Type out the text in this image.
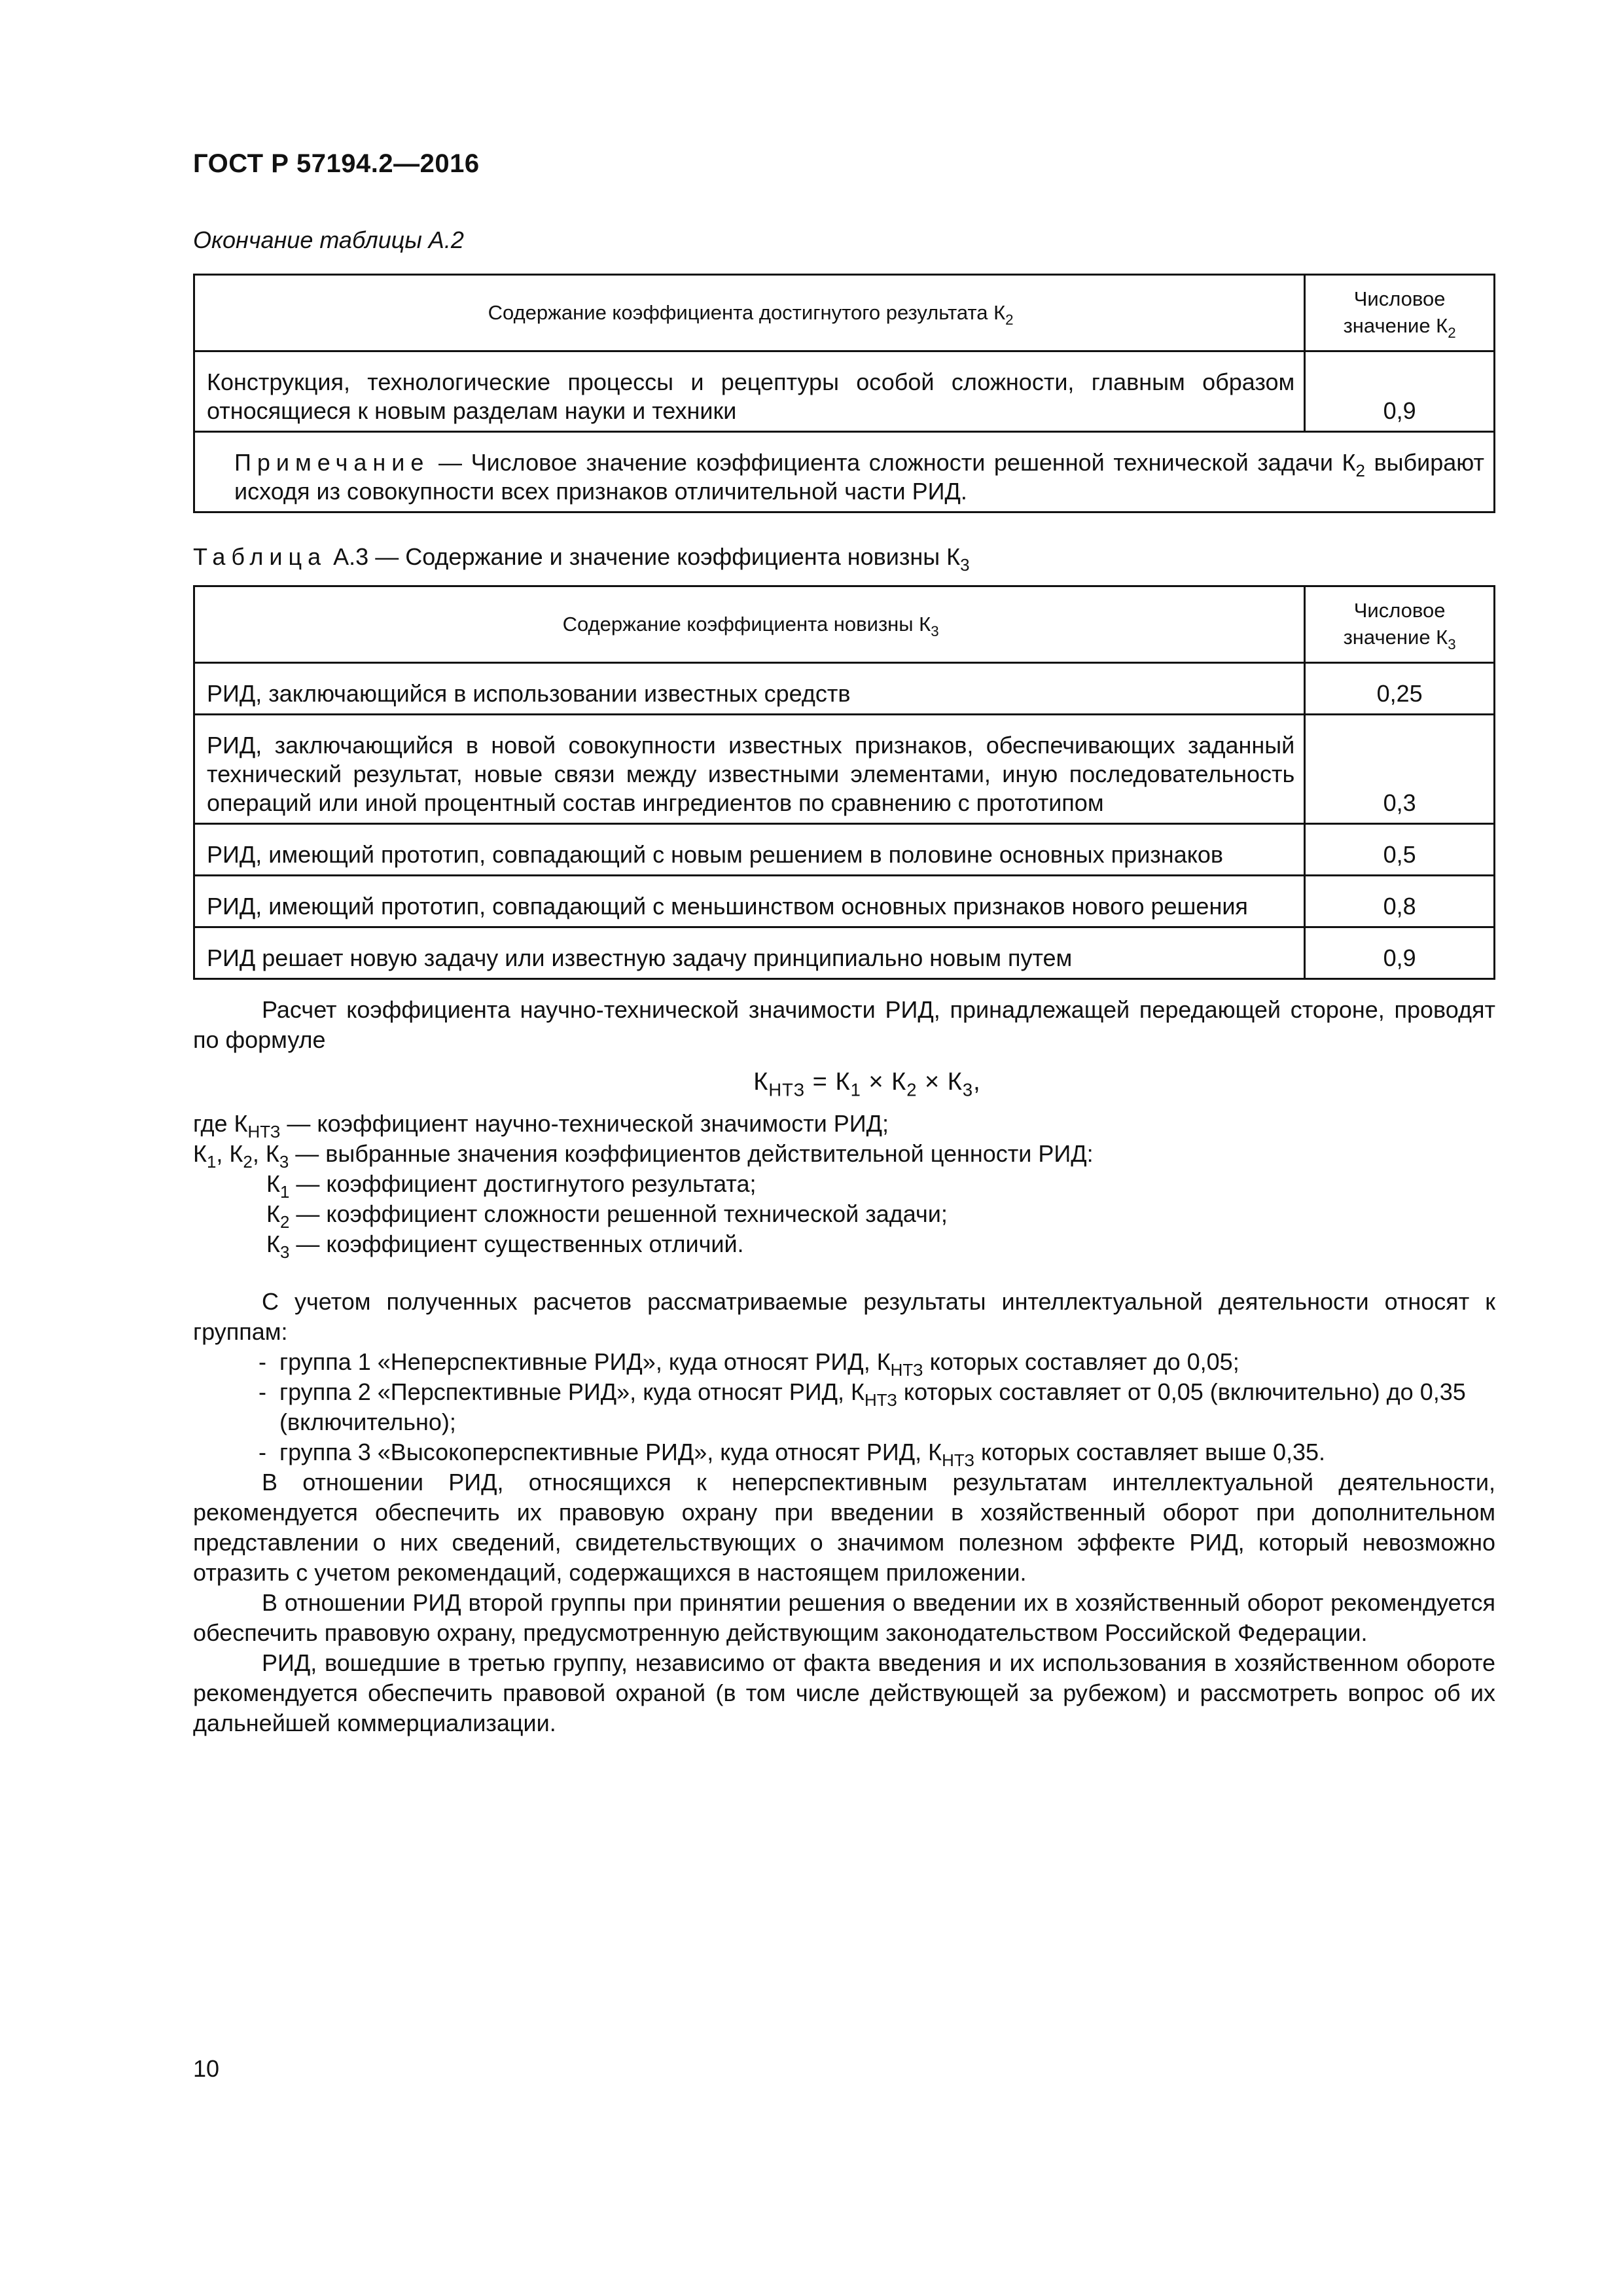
ГОСТ Р 57194.2—2016
Окончание таблицы А.2
Содержание коэффициента достигнутого результата $К_2$	Числовое
значение $К_2$
Конструкция, технологические процессы и рецептуры особой сложности, главным образом относящиеся к новым разделам науки и техники	0,9
Примечание — Числовое значение коэффициента сложности решенной технической задачи $К_2$ выбирают исходя из совокупности всех признаков отличительной части РИД.	
Таблица А.3 — Содержание и значение коэффициента новизны $К_3$
Содержание коэффициента новизны $К_3$	Числовое
значение $К_3$
РИД, заключающийся в использовании известных средств	0,25
РИД, заключающийся в новой совокупности известных признаков, обеспечивающих заданный технический результат, новые связи между известными элементами, иную последовательность операций или иной процентный состав ингредиентов по сравнению с прототипом	0,3
РИД, имеющий прототип, совпадающий с новым решением в половине основных признаков	0,5
РИД, имеющий прототип, совпадающий с меньшинством основных признаков нового решения	0,8
РИД решает новую задачу или известную задачу принципиально новым путем	0,9

Расчет коэффициента научно-технической значимости РИД, принадлежащей передающей стороне, проводят по формуле

$К_{НТЗ} = К_1 \times К_2 \times К_3$,
где $К_{НТЗ}$ — коэффициент научно-технической значимости РИД;
$К_1$, $К_2$, $К_3$ — выбранные значения коэффициентов действительной ценности РИД:
$К_1$ — коэффициент достигнутого результата;
$К_2$ — коэффициент сложности решенной технической задачи;
$К_3$ — коэффициент существенных отличий.

С учетом полученных расчетов рассматриваемые результаты интеллектуальной деятельности относят к группам:

- группа 1 «Неперспективные РИД», куда относят РИД, $К_{НТЗ}$ которых составляет до 0,05;
- группа 2 «Перспективные РИД», куда относят РИД, $К_{НТЗ}$ которых составляет от 0,05 (включительно) до 0,35 (включительно);
- группа 3 «Высокоперспективные РИД», куда относят РИД, $К_{НТЗ}$ которых составляет выше 0,35.

В отношении РИД, относящихся к неперспективным результатам интеллектуальной деятельности, рекомендуется обеспечить их правовую охрану при введении в хозяйственный оборот при дополнительном представлении о них сведений, свидетельствующих о значимом полезном эффекте РИД, который невозможно отразить с учетом рекомендаций, содержащихся в настоящем приложении.

В отношении РИД второй группы при принятии решения о введении их в хозяйственный оборот рекомендуется обеспечить правовую охрану, предусмотренную действующим законодательством Российской Федерации.

РИД, вошедшие в третью группу, независимо от факта введения и их использования в хозяйственном обороте рекомендуется обеспечить правовой охраной (в том числе действующей за рубежом) и рассмотреть вопрос об их дальнейшей коммерциализации.

10
